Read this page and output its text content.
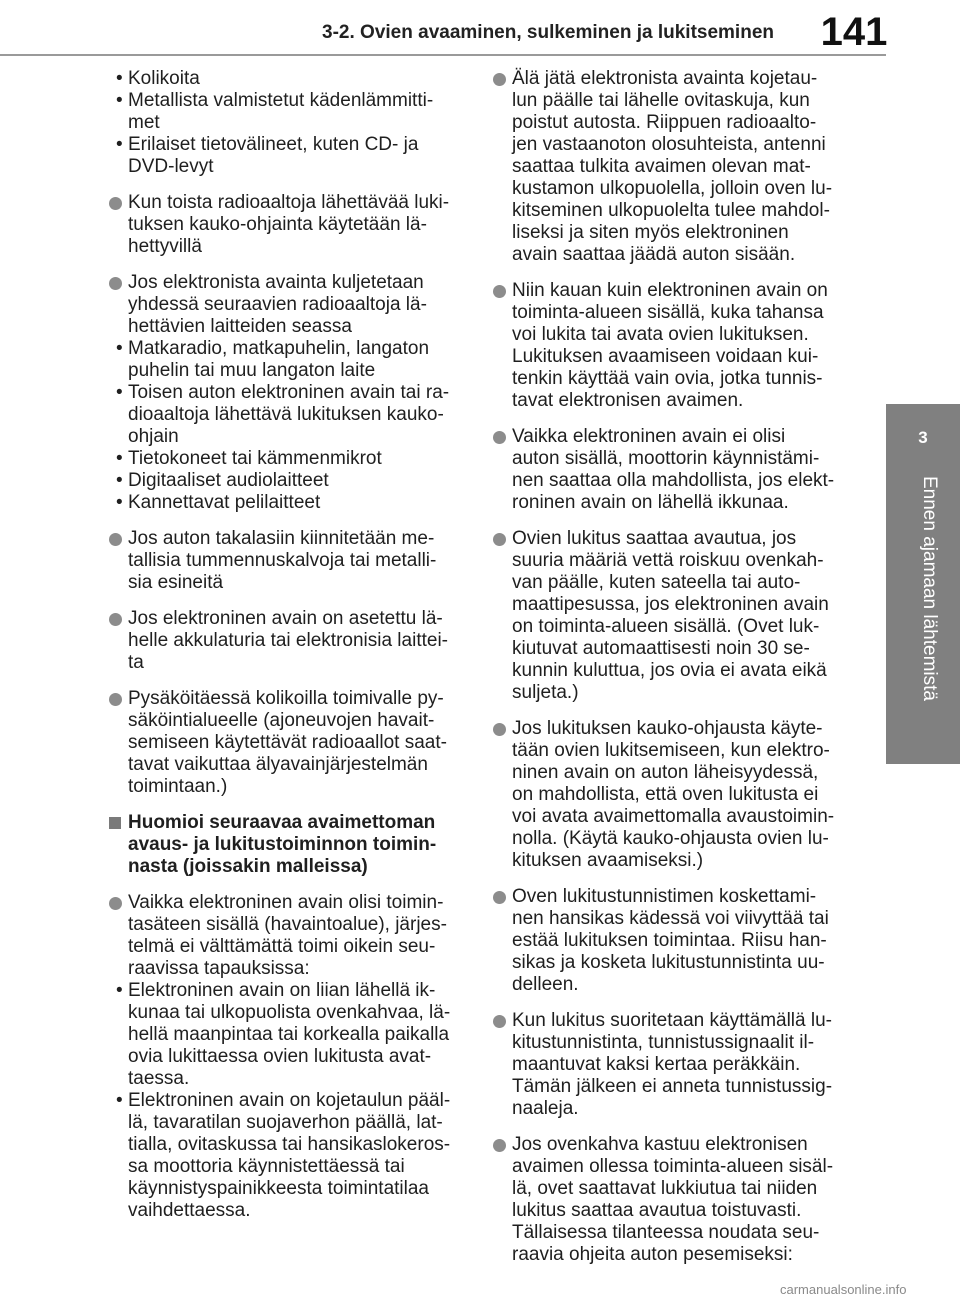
3-2. Ovien avaaminen, sulkeminen ja lukitseminen 141
3
Ennen ajamaan lähtemistä
• Kolikoita
• Metallista valmistetut kädenlämmitti-
met
• Erilaiset tietovälineet, kuten CD- ja
DVD-levyt
Kun toista radioaaltoja lähettävää luki-
tuksen kauko-ohjainta käytetään lä-
hettyvillä
Jos elektronista avainta kuljetetaan
yhdessä seuraavien radioaaltoja lä-
hettävien laitteiden seassa
• Matkaradio, matkapuhelin, langaton
puhelin tai muu langaton laite
• Toisen auton elektroninen avain tai ra-
dioaaltoja lähettävä lukituksen kauko-
ohjain
• Tietokoneet tai kämmenmikrot
• Digitaaliset audiolaitteet
• Kannettavat pelilaitteet
Jos auton takalasiin kiinnitetään me-
tallisia tummennuskalvoja tai metalli-
sia esineitä
Jos elektroninen avain on asetettu lä-
helle akkulaturia tai elektronisia laittei-
ta
Pysäköitäessä kolikoilla toimivalle py-
säköintialueelle (ajoneuvojen havait-
semiseen käytettävät radioaallot saat-
tavat vaikuttaa älyavainjärjestelmän
toimintaan.)
Huomioi seuraavaa avaimettoman
avaus- ja lukitustoiminnon toimin-
nasta (joissakin malleissa)
Vaikka elektroninen avain olisi toimin-
tasäteen sisällä (havaintoalue), järjes-
telmä ei välttämättä toimi oikein seu-
raavissa tapauksissa:
• Elektroninen avain on liian lähellä ik-
kunaa tai ulkopuolista ovenkahvaa, lä-
hellä maanpintaa tai korkealla paikalla
ovia lukittaessa ovien lukitusta avat-
taessa.
• Elektroninen avain on kojetaulun pääl-
lä, tavaratilan suojaverhon päällä, lat-
tialla, ovitaskussa tai hansikaslokeros-
sa moottoria käynnistettäessä tai
käynnistyspainikkeesta toimintatilaa
vaihdettaessa.
Älä jätä elektronista avainta kojetau-
lun päälle tai lähelle ovitaskuja, kun
poistut autosta. Riippuen radioaalto-
jen vastaanoton olosuhteista, antenni
saattaa tulkita avaimen olevan mat-
kustamon ulkopuolella, jolloin oven lu-
kitseminen ulkopuolelta tulee mahdol-
liseksi ja siten myös elektroninen
avain saattaa jäädä auton sisään.
Niin kauan kuin elektroninen avain on
toiminta-alueen sisällä, kuka tahansa
voi lukita tai avata ovien lukituksen.
Lukituksen avaamiseen voidaan kui-
tenkin käyttää vain ovia, jotka tunnis-
tavat elektronisen avaimen.
Vaikka elektroninen avain ei olisi
auton sisällä, moottorin käynnistämi-
nen saattaa olla mahdollista, jos elekt-
roninen avain on lähellä ikkunaa.
Ovien lukitus saattaa avautua, jos
suuria määriä vettä roiskuu ovenkah-
van päälle, kuten sateella tai auto-
maattipesussa, jos elektroninen avain
on toiminta-alueen sisällä. (Ovet luk-
kiutuvat automaattisesti noin 30 se-
kunnin kuluttua, jos ovia ei avata eikä
suljeta.)
Jos lukituksen kauko-ohjausta käyte-
tään ovien lukitsemiseen, kun elektro-
ninen avain on auton läheisyydessä,
on mahdollista, että oven lukitusta ei
voi avata avaimettomalla avaustoimin-
nolla. (Käytä kauko-ohjausta ovien lu-
kituksen avaamiseksi.)
Oven lukitustunnistimen koskettami-
nen hansikas kädessä voi viivyttää tai
estää lukituksen toimintaa. Riisu han-
sikas ja kosketa lukitustunnistinta uu-
delleen.
Kun lukitus suoritetaan käyttämällä lu-
kitustunnistinta, tunnistussignaalit il-
maantuvat kaksi kertaa peräkkäin.
Tämän jälkeen ei anneta tunnistussig-
naaleja.
Jos ovenkahva kastuu elektronisen
avaimen ollessa toiminta-alueen sisäl-
lä, ovet saattavat lukkiutua tai niiden
lukitus saattaa avautua toistuvasti.
Tällaisessa tilanteessa noudata seu-
raavia ohjeita auton pesemiseksi:
carmanualsonline.info
